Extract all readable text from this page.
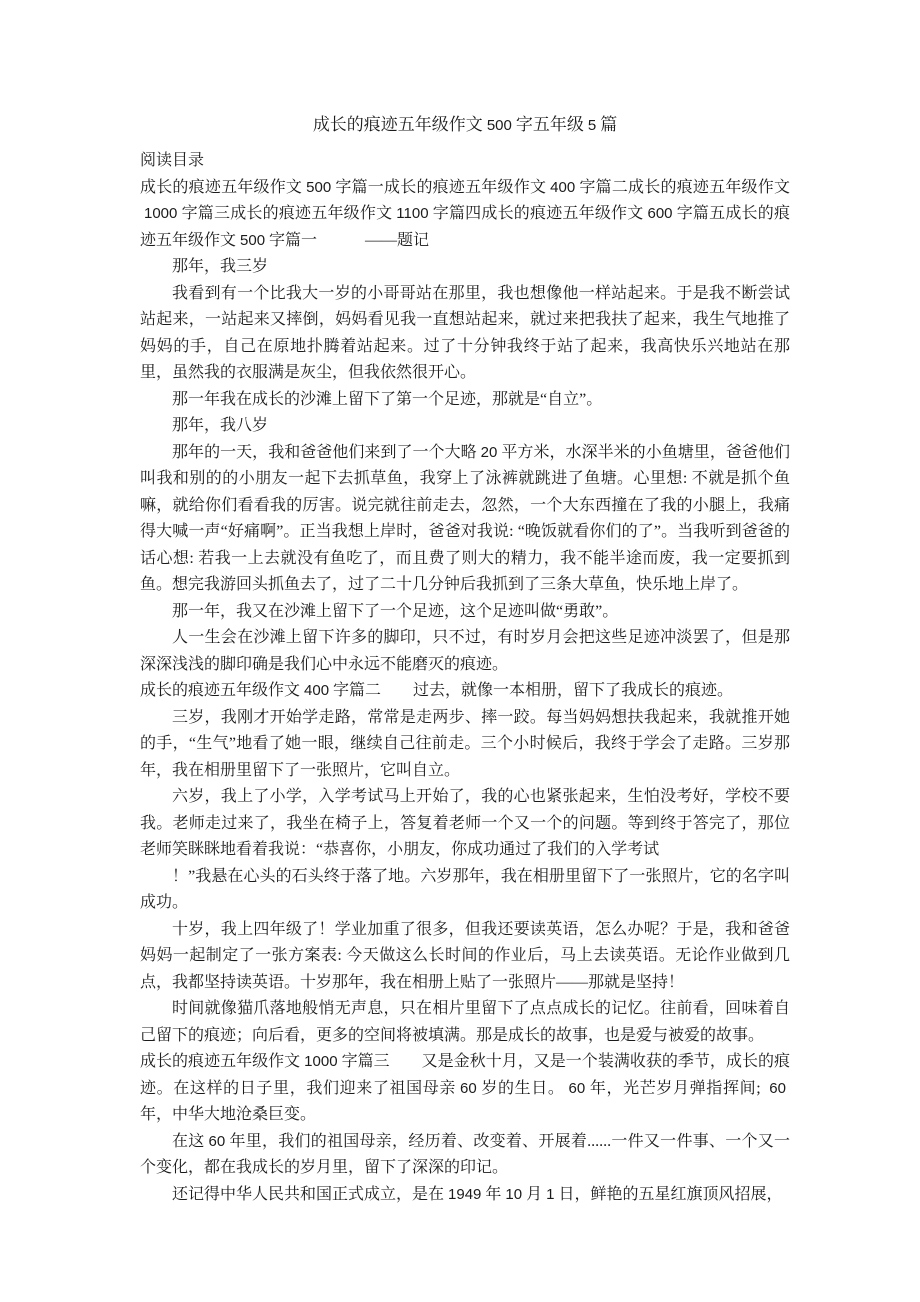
成长的痕迹五年级作文 500 字五年级 5 篇

阅读目录

成长的痕迹五年级作文 500 字篇一成长的痕迹五年级作文 400 字篇二成长的痕迹五年级作文1000 字篇三成长的痕迹五年级作文 1100 字篇四成长的痕迹五年级作文 600 字篇五成长的痕迹五年级作文 500 字篇一　　　——题记

那年，我三岁

我看到有一个比我大一岁的小哥哥站在那里，我也想像他一样站起来。于是我不断尝试站起来，一站起来又摔倒，妈妈看见我一直想站起来，就过来把我扶了起来，我生气地推了妈妈的手，自己在原地扑腾着站起来。过了十分钟我终于站了起来，我高快乐兴地站在那里，虽然我的衣服满是灰尘，但我依然很开心。

那一年我在成长的沙滩上留下了第一个足迹，那就是“自立”。

那年，我八岁

那年的一天，我和爸爸他们来到了一个大略 20 平方米，水深半米的小鱼塘里，爸爸他们叫我和别的的小朋友一起下去抓草鱼，我穿上了泳裤就跳进了鱼塘。心里想: 不就是抓个鱼嘛，就给你们看看我的厉害。说完就往前走去，忽然，一个大东西撞在了我的小腿上，我痛得大喊一声“好痛啊”。正当我想上岸时，爸爸对我说: “晚饭就看你们的了”。当我听到爸爸的话心想: 若我一上去就没有鱼吃了，而且费了则大的精力，我不能半途而废，我一定要抓到鱼。想完我游回头抓鱼去了，过了二十几分钟后我抓到了三条大草鱼，快乐地上岸了。

那一年，我又在沙滩上留下了一个足迹，这个足迹叫做“勇敢”。

人一生会在沙滩上留下许多的脚印，只不过，有时岁月会把这些足迹冲淡罢了，但是那深深浅浅的脚印确是我们心中永远不能磨灭的痕迹。

成长的痕迹五年级作文 400 字篇二　　过去，就像一本相册，留下了我成长的痕迹。

三岁，我刚才开始学走路，常常是走两步、摔一跤。每当妈妈想扶我起来，我就推开她的手，“生气”地看了她一眼，继续自己往前走。三个小时候后，我终于学会了走路。三岁那年，我在相册里留下了一张照片，它叫自立。

六岁，我上了小学，入学考试马上开始了，我的心也紧张起来，生怕没考好，学校不要我。老师走过来了，我坐在椅子上，答复着老师一个又一个的问题。等到终于答完了，那位老师笑眯眯地看着我说：“恭喜你，小朋友，你成功通过了我们的入学考试

！”我悬在心头的石头终于落了地。六岁那年，我在相册里留下了一张照片，它的名字叫成功。

十岁，我上四年级了！学业加重了很多，但我还要读英语，怎么办呢？于是，我和爸爸妈妈一起制定了一张方案表: 今天做这么长时间的作业后，马上去读英语。无论作业做到几点，我都坚持读英语。十岁那年，我在相册上贴了一张照片——那就是坚持！

时间就像猫爪落地般悄无声息，只在相片里留下了点点成长的记忆。往前看，回味着自己留下的痕迹；向后看，更多的空间将被填满。那是成长的故事，也是爱与被爱的故事。

成长的痕迹五年级作文 1000 字篇三　　又是金秋十月，又是一个装满收获的季节，成长的痕迹。在这样的日子里，我们迎来了祖国母亲 60 岁的生日。 60 年，光芒岁月弹指挥间; 60年，中华大地沧桑巨变。

在这 60 年里，我们的祖国母亲，经历着、改变着、开展着......一件又一件事、一个又一个变化，都在我成长的岁月里，留下了深深的印记。

还记得中华人民共和国正式成立，是在 1949 年 10 月 1 日，鲜艳的五星红旗顶风招展，
